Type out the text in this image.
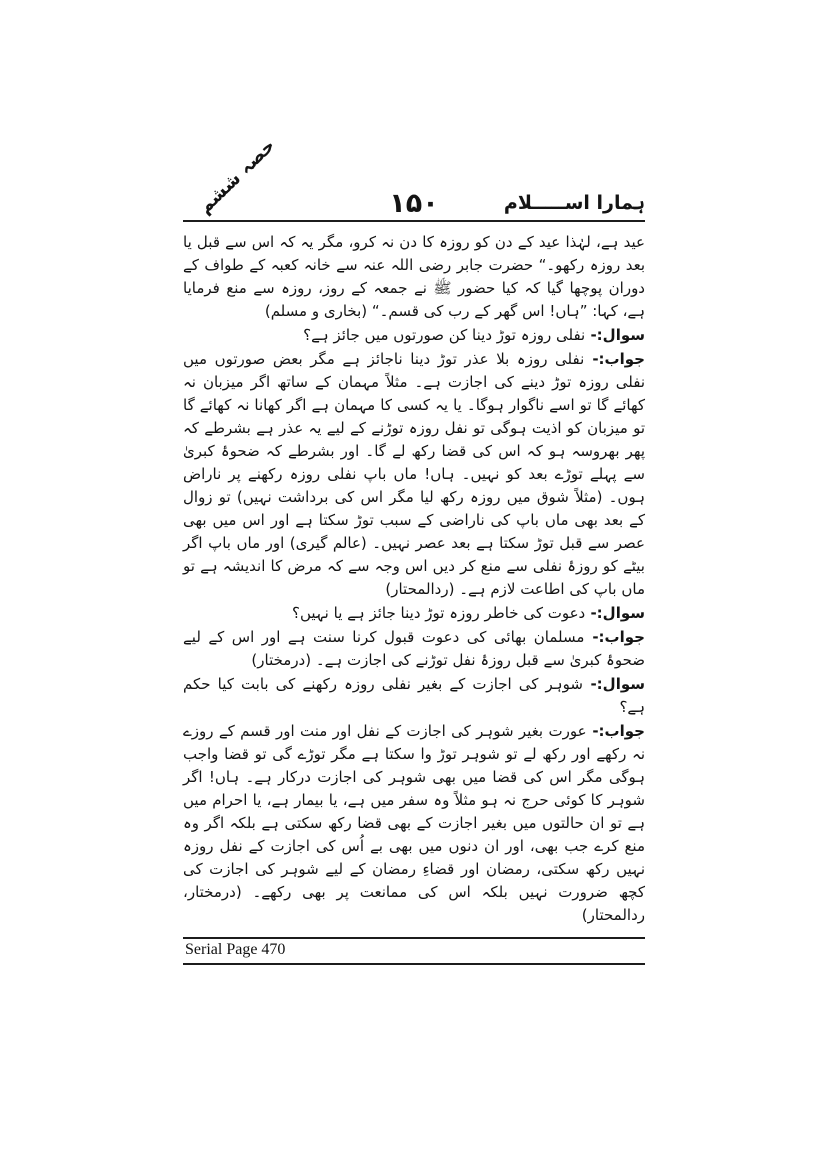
حصہ ششم	۱۵۰	ہمارا اســـــلام
عید ہے، لہٰذا عید کے دن کو روزہ کا دن نہ کرو، مگر یہ کہ اس سے قبل یا بعد روزہ رکھو۔“ حضرت جابر رضی اللہ عنہ سے خانہ کعبہ کے طواف کے دوران پوچھا گیا کہ کیا حضور ﷺ نے جمعہ کے روز، روزہ سے منع فرمایا ہے، کہا: ”ہاں! اس گھر کے رب کی قسم۔“ (بخاری و مسلم)
سوال:- نفلی روزہ توڑ دینا کن صورتوں میں جائز ہے؟
جواب:- نفلی روزہ بلا عذر توڑ دینا ناجائز ہے مگر بعض صورتوں میں نفلی روزہ توڑ دینے کی اجازت ہے۔ مثلاً مہمان کے ساتھ اگر میزبان نہ کھائے گا تو اسے ناگوار ہوگا۔ یا یہ کسی کا مہمان ہے اگر کھانا نہ کھائے گا تو میزبان کو اذیت ہوگی تو نفل روزہ توڑنے کے لیے یہ عذر ہے بشرطے کہ پھر بھروسہ ہو کہ اس کی قضا رکھ لے گا۔ اور بشرطے کہ ضحوۂ کبریٰ سے پہلے توڑے بعد کو نہیں۔ ہاں! ماں باپ نفلی روزہ رکھنے پر ناراض ہوں۔ (مثلاً شوق میں روزہ رکھ لیا مگر اس کی برداشت نہیں) تو زوال کے بعد بھی ماں باپ کی ناراضی کے سبب توڑ سکتا ہے اور اس میں بھی عصر سے قبل توڑ سکتا ہے بعد عصر نہیں۔ (عالم گیری) اور ماں باپ اگر بیٹے کو روزۂ نفلی سے منع کر دیں اس وجہ سے کہ مرض کا اندیشہ ہے تو ماں باپ کی اطاعت لازم ہے۔ (ردالمحتار)
سوال:- دعوت کی خاطر روزہ توڑ دینا جائز ہے یا نہیں؟
جواب:- مسلمان بھائی کی دعوت قبول کرنا سنت ہے اور اس کے لیے ضحوۂ کبریٰ سے قبل روزۂ نفل توڑنے کی اجازت ہے۔ (درمختار)
سوال:- شوہر کی اجازت کے بغیر نفلی روزہ رکھنے کی بابت کیا حکم ہے؟
جواب:- عورت بغیر شوہر کی اجازت کے نفل اور منت اور قسم کے روزے نہ رکھے اور رکھ لے تو شوہر توڑ وا سکتا ہے مگر توڑے گی تو قضا واجب ہوگی مگر اس کی قضا میں بھی شوہر کی اجازت درکار ہے۔ ہاں! اگر شوہر کا کوئی حرج نہ ہو مثلاً وہ سفر میں ہے، یا بیمار ہے، یا احرام میں ہے تو ان حالتوں میں بغیر اجازت کے بھی قضا رکھ سکتی ہے بلکہ اگر وہ منع کرے جب بھی، اور ان دنوں میں بھی بے اُس کی اجازت کے نفل روزہ نہیں رکھ سکتی، رمضان اور قضاءِ رمضان کے لیے شوہر کی اجازت کی کچھ ضرورت نہیں بلکہ اس کی ممانعت پر بھی رکھے۔ (درمختار، ردالمحتار)
Serial Page 470
